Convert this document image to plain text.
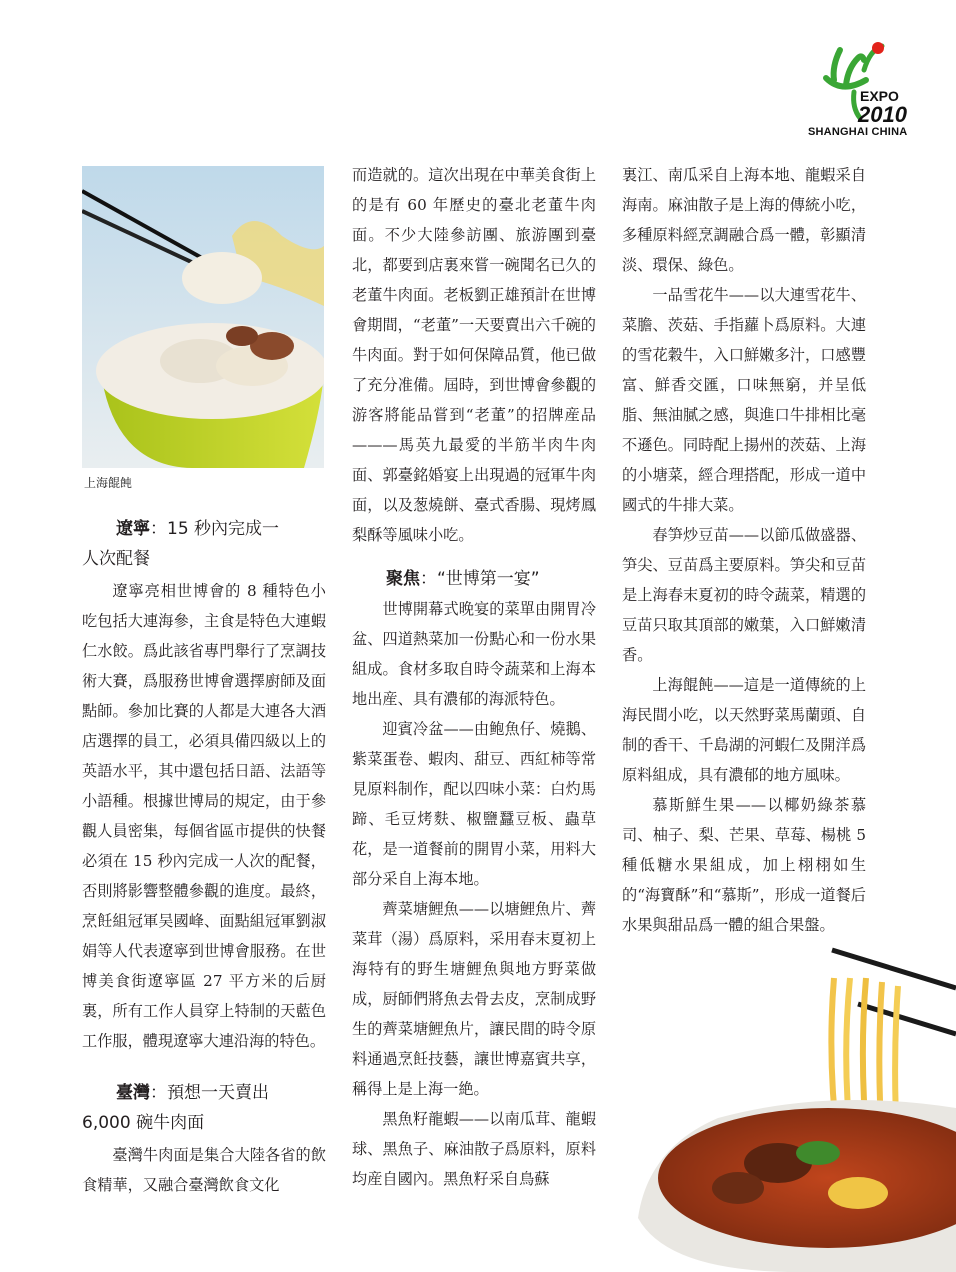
2010
EXPO
SHANGHAI CHINA
上海餛飩
遼寧：15 秒內完成一
人次配餐

遼寧亮相世博會的 8 種特色小吃包括大連海參，主食是特色大連蝦仁水餃。爲此該省專門舉行了烹調技術大賽，爲服務世博會選擇廚師及面點師。參加比賽的人都是大連各大酒店選擇的員工，必須具備四級以上的英語水平，其中還包括日語、法語等小語種。根據世博局的規定，由于參觀人員密集，每個省區市提供的快餐必須在 15 秒內完成一人次的配餐，否則將影響整體參觀的進度。最終，烹飪組冠軍吴國峰、面點組冠軍劉淑娟等人代表遼寧到世博會服務。在世博美食街遼寧區 27 平方米的后厨裏，所有工作人員穿上特制的天藍色工作服，體現遼寧大連沿海的特色。

臺灣：預想一天賣出
6,000 碗牛肉面

臺灣牛肉面是集合大陸各省的飲食精華，又融合臺灣飲食文化

而造就的。這次出現在中華美食街上的是有 60 年歷史的臺北老董牛肉面。不少大陸參訪團、旅游團到臺北，都要到店裏來嘗一碗聞名已久的老董牛肉面。老板劉正雄預計在世博會期間，“老董”一天要賣出六千碗的牛肉面。對于如何保障品質，他已做了充分准備。屆時，到世博會參觀的游客將能品嘗到“老董”的招牌産品———馬英九最愛的半筋半肉牛肉面、郭臺銘婚宴上出現過的冠軍牛肉面，以及葱燒餅、臺式香腸、現烤鳳梨酥等風味小吃。

聚焦：“世博第一宴”

世博開幕式晚宴的菜單由開胃冷盆、四道熱菜加一份點心和一份水果組成。食材多取自時令蔬菜和上海本地出産、具有濃郁的海派特色。

迎賓冷盆——由鲍魚仔、燒鵝、紫菜蛋卷、蝦肉、甜豆、西紅柿等常見原料制作，配以四味小菜：白灼馬蹄、毛豆烤麩、椒鹽蠶豆板、蟲草花，是一道餐前的開胃小菜，用料大部分采自上海本地。

薺菜塘鯉魚——以塘鯉魚片、薺菜茸（湯）爲原料，采用春末夏初上海特有的野生塘鯉魚與地方野菜做成，厨師們將魚去骨去皮，烹制成野生的薺菜塘鯉魚片，讓民間的時令原料通過烹飪技藝，讓世博嘉賓共享，稱得上是上海一絶。

黑魚籽龍蝦——以南瓜茸、龍蝦球、黑魚子、麻油散子爲原料，原料均産自國內。黑魚籽采自鳥蘇

裏江、南瓜采自上海本地、龍蝦采自海南。麻油散子是上海的傳統小吃，多種原料經烹調融合爲一體，彰顯清淡、環保、綠色。

一品雪花牛——以大連雪花牛、菜膽、茨菇、手指蘿卜爲原料。大連的雪花穀牛，入口鮮嫩多汁，口感豐富、鮮香交匯，口味無窮，并呈低脂、無油膩之感，與進口牛排相比毫不遜色。同時配上揚州的茨菇、上海的小塘菜，經合理搭配，形成一道中國式的牛排大菜。

春笋炒豆苗——以節瓜做盛器、笋尖、豆苗爲主要原料。笋尖和豆苗是上海春末夏初的時令蔬菜，精選的豆苗只取其頂部的嫩葉，入口鮮嫩清香。

上海餛飩——這是一道傳統的上海民間小吃，以天然野菜馬蘭頭、自制的香干、千島湖的河蝦仁及開洋爲原料組成，具有濃郁的地方風味。

慕斯鮮生果——以椰奶綠茶慕司、柚子、梨、芒果、草莓、楊桃 5 種低糖水果組成，加上栩栩如生的“海寶酥”和“慕斯”，形成一道餐后水果與甜品爲一體的組合果盤。
